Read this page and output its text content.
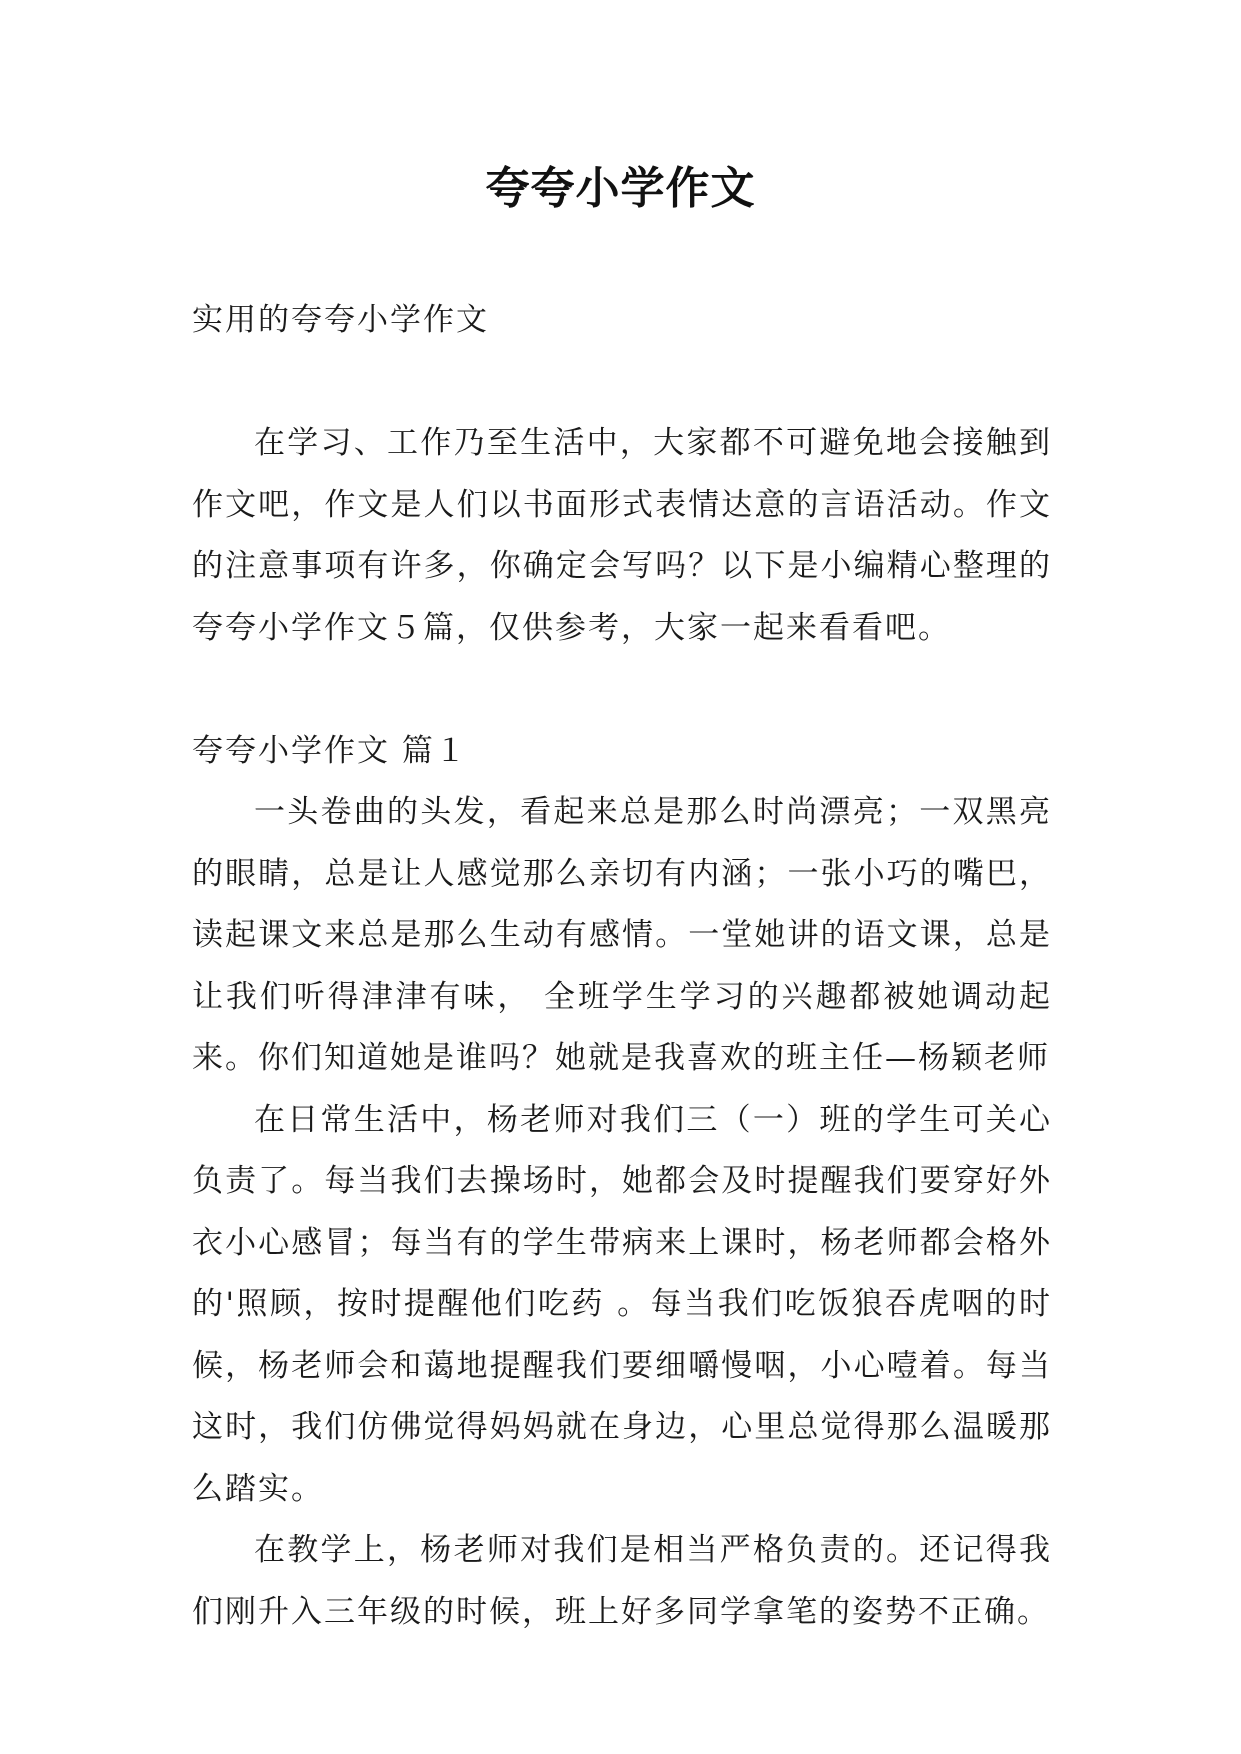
夸夸小学作文

实用的夸夸小学作文

在学习、工作乃至生活中，大家都不可避免地会接触到作文吧，作文是人们以书面形式表情达意的言语活动。作文的注意事项有许多，你确定会写吗？以下是小编精心整理的夸夸小学作文５篇，仅供参考，大家一起来看看吧。

夸夸小学作文 篇１

一头卷曲的头发，看起来总是那么时尚漂亮；一双黑亮的眼睛，总是让人感觉那么亲切有内涵；一张小巧的嘴巴，读起课文来总是那么生动有感情。一堂她讲的语文课，总是让我们听得津津有味， 全班学生学习的兴趣都被她调动起来。你们知道她是谁吗？她就是我喜欢的班主任—杨颖老师

在日常生活中，杨老师对我们三（一）班的学生可关心负责了。每当我们去操场时，她都会及时提醒我们要穿好外衣小心感冒；每当有的学生带病来上课时，杨老师都会格外的'照顾，按时提醒他们吃药 。每当我们吃饭狼吞虎咽的时候，杨老师会和蔼地提醒我们要细嚼慢咽，小心噎着。每当这时，我们仿佛觉得妈妈就在身边，心里总觉得那么温暖那么踏实。

在教学上，杨老师对我们是相当严格负责的。还记得我们刚升入三年级的时候，班上好多同学拿笔的姿势不正确。
